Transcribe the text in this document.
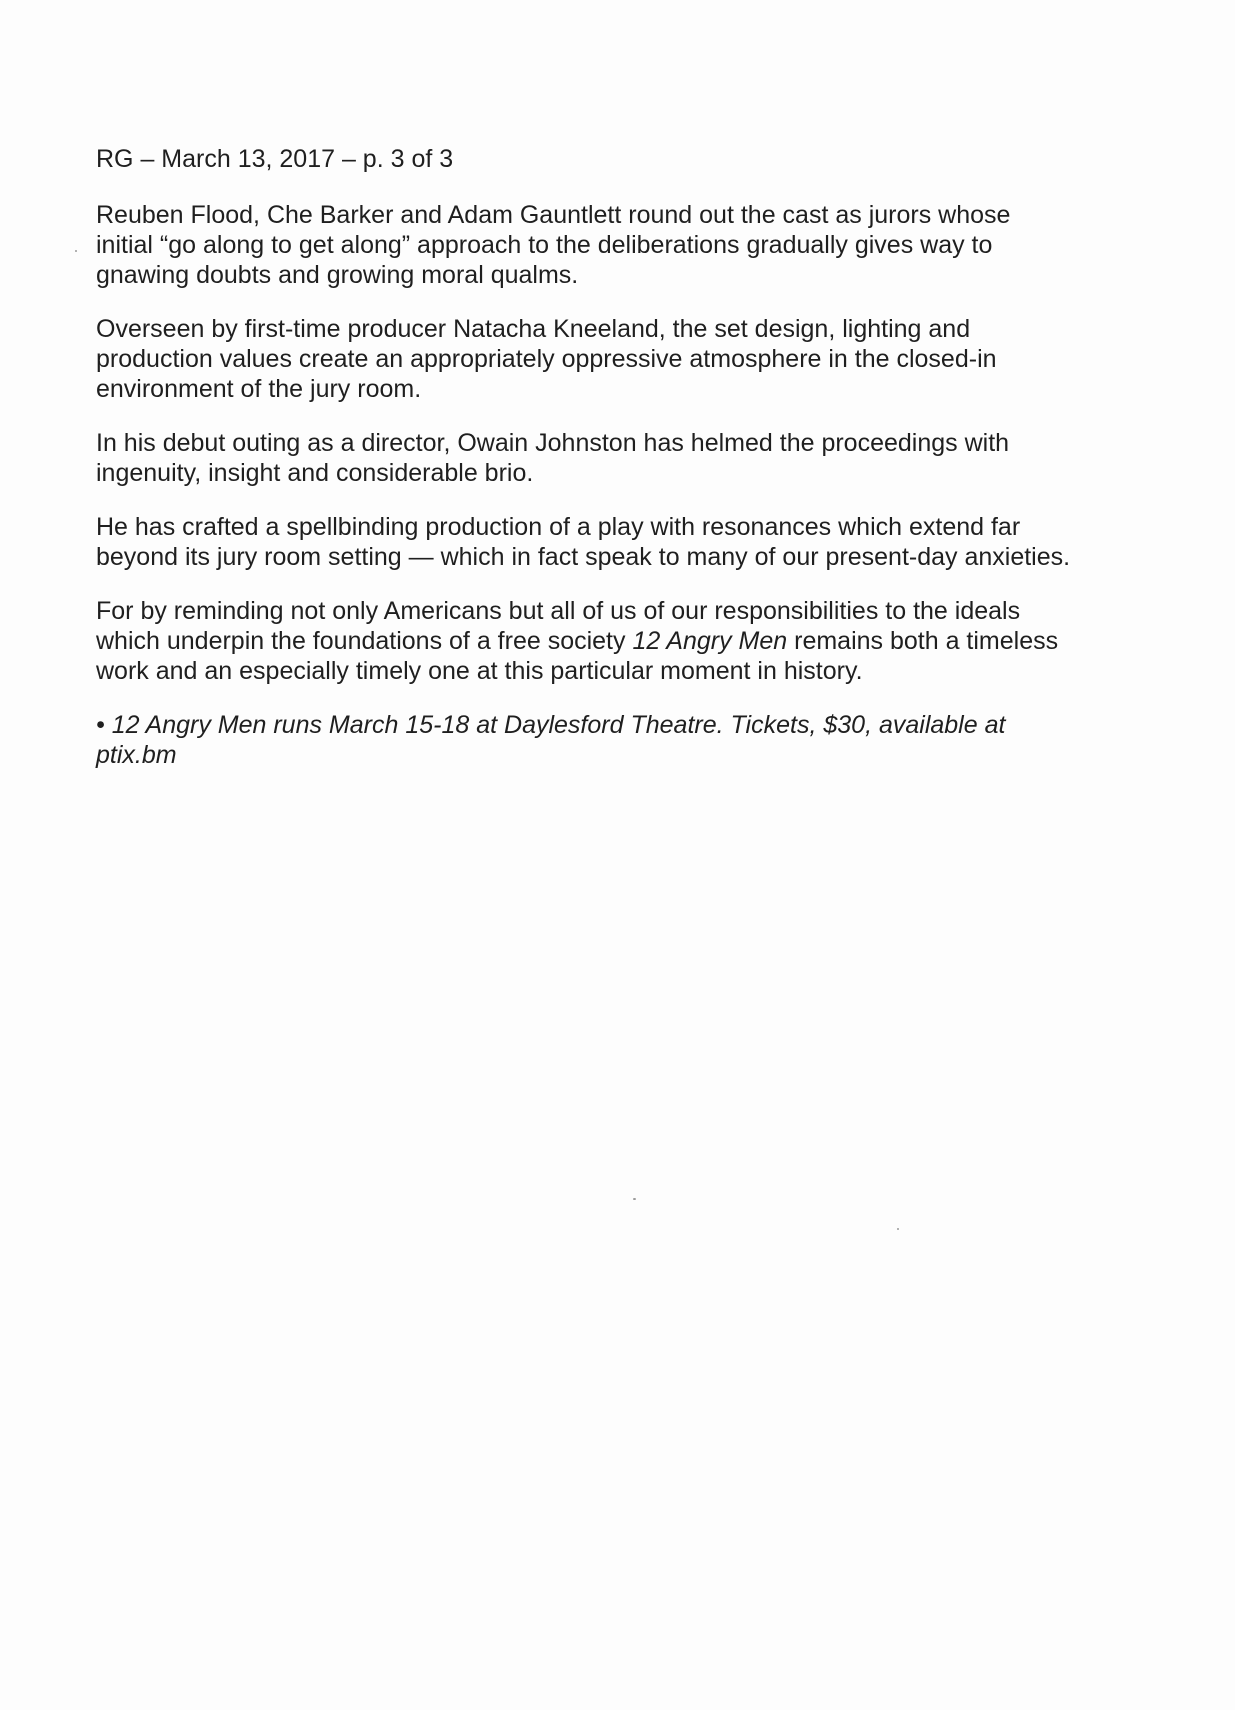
RG – March 13, 2017 – p. 3 of 3

Reuben Flood, Che Barker and Adam Gauntlett round out the cast as jurors whose
initial “go along to get along” approach to the deliberations gradually gives way to
gnawing doubts and growing moral qualms.

Overseen by first-time producer Natacha Kneeland, the set design, lighting and
production values create an appropriately oppressive atmosphere in the closed-in
environment of the jury room.

In his debut outing as a director, Owain Johnston has helmed the proceedings with
ingenuity, insight and considerable brio.

He has crafted a spellbinding production of a play with resonances which extend far
beyond its jury room setting — which in fact speak to many of our present-day anxieties.

For by reminding not only Americans but all of us of our responsibilities to the ideals
which underpin the foundations of a free society 12 Angry Men remains both a timeless
work and an especially timely one at this particular moment in history.

• 12 Angry Men runs March 15-18 at Daylesford Theatre. Tickets, $30, available at
ptix.bm
